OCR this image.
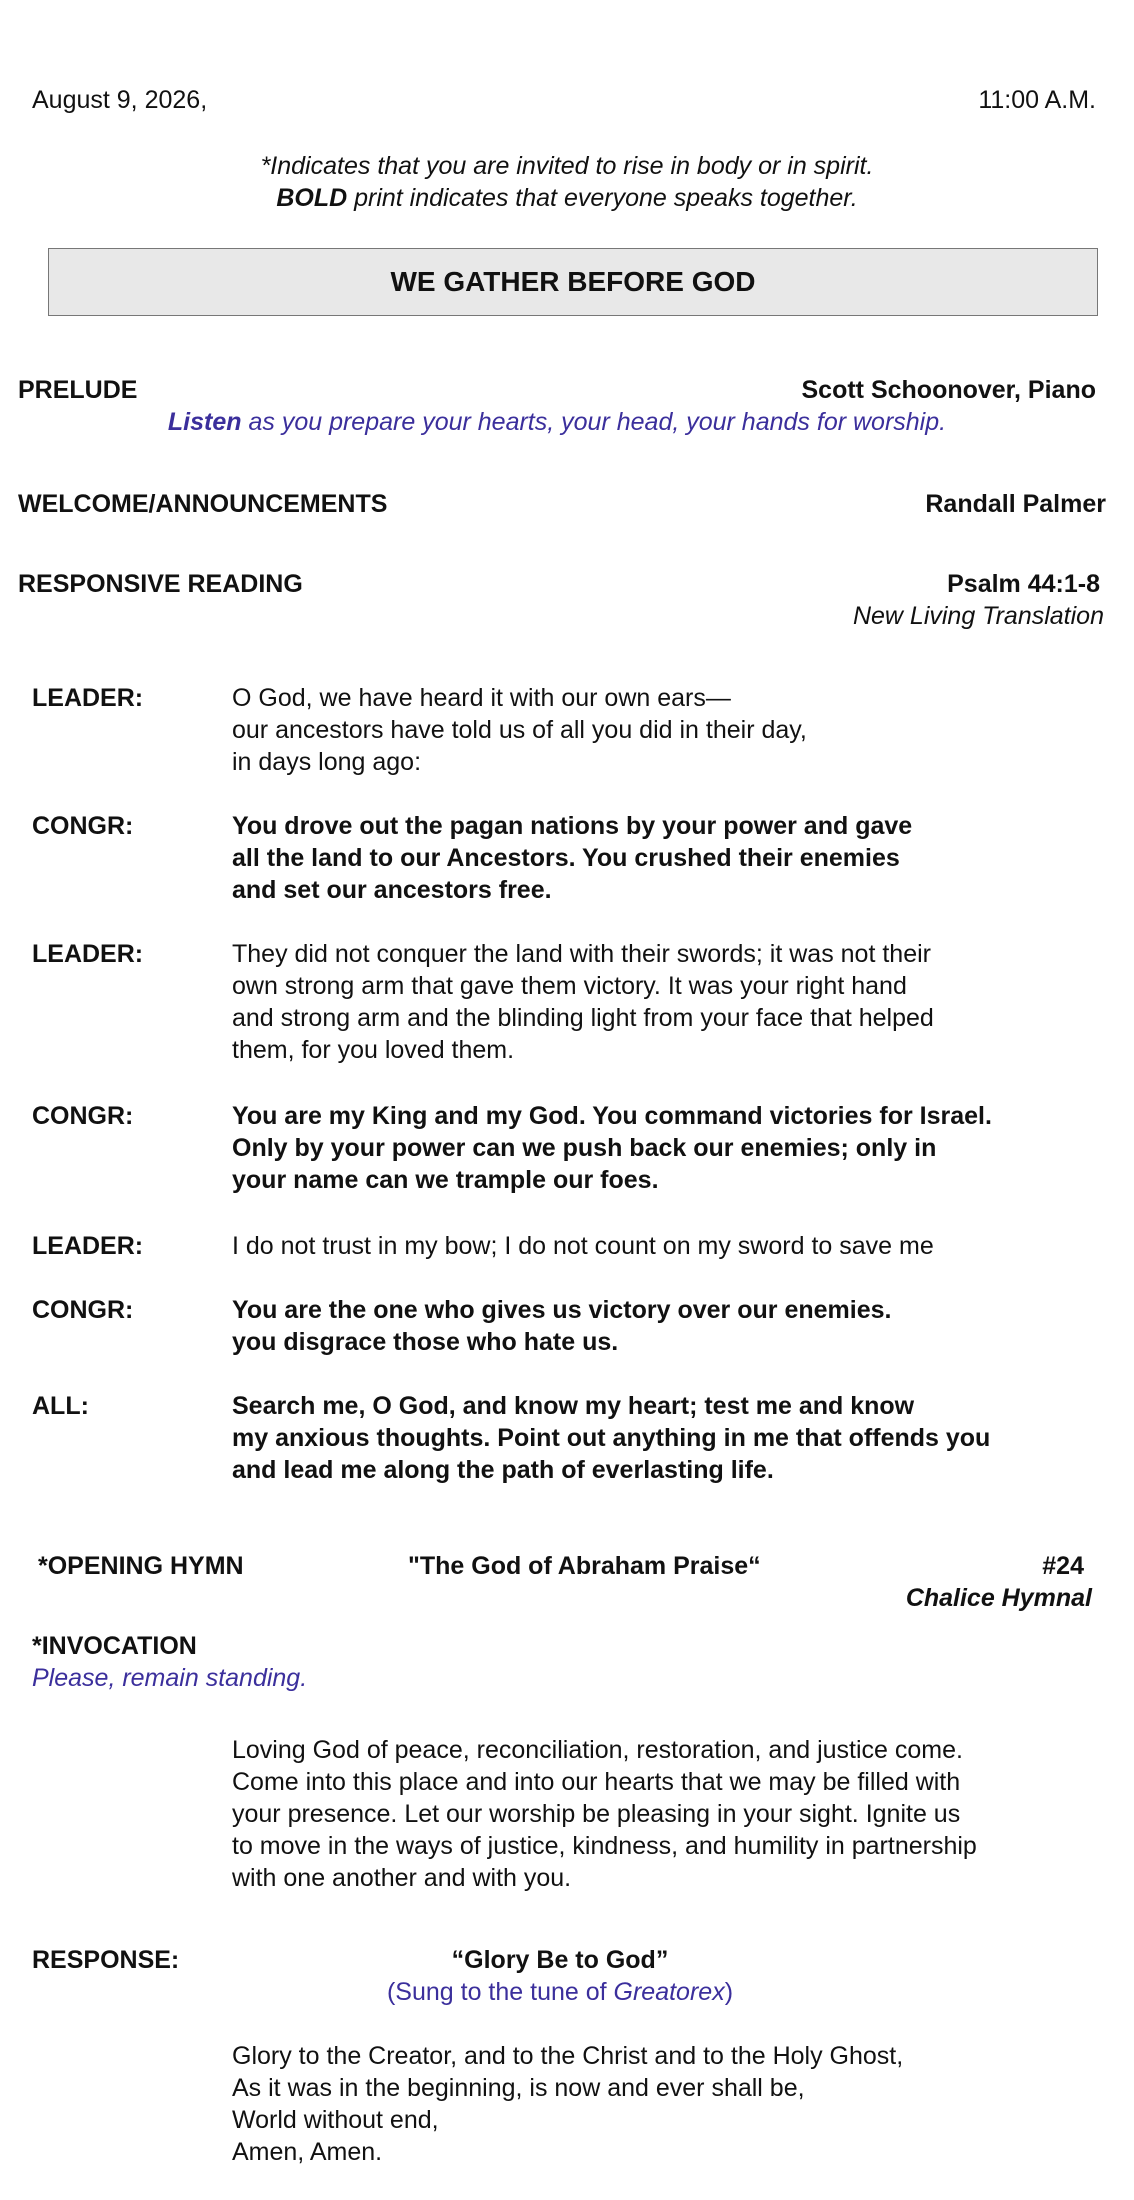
August 9, 2026,	11:00 A.M.
*Indicates that you are invited to rise in body or in spirit.
BOLD print indicates that everyone speaks together.
WE GATHER BEFORE GOD
PRELUDE	Scott Schoonover, Piano
Listen as you prepare your hearts, your head, your hands for worship.
WELCOME/ANNOUNCEMENTS	Randall Palmer
RESPONSIVE READING	Psalm 44:1-8
New Living Translation
LEADER:	O God, we have heard it with our own ears—
our ancestors have told us of all you did in their day,
in days long ago:
CONGR:	You drove out the pagan nations by your power and gave
all the land to our Ancestors. You crushed their enemies
and set our ancestors free.
LEADER:	They did not conquer the land with their swords; it was not their
own strong arm that gave them victory. It was your right hand
and strong arm and the blinding light from your face that helped
them, for you loved them.
CONGR:	You are my King and my God. You command victories for Israel.
Only by your power can we push back our enemies; only in
your name can we trample our foes.
LEADER:	I do not trust in my bow; I do not count on my sword to save me
CONGR:	You are the one who gives us victory over our enemies.
you disgrace those who hate us.
ALL:	Search me, O God, and know my heart; test me and know
my anxious thoughts. Point out anything in me that offends you
and lead me along the path of everlasting life.
*OPENING HYMN	"The God of Abraham Praise“	#24
Chalice Hymnal
*INVOCATION
Please, remain standing.
Loving God of peace, reconciliation, restoration, and justice come.
Come into this place and into our hearts that we may be filled with
your presence. Let our worship be pleasing in your sight. Ignite us
to move in the ways of justice, kindness, and humility in partnership
with one another and with you.
RESPONSE:	“Glory Be to God”
(Sung to the tune of Greatorex)
Glory to the Creator, and to the Christ and to the Holy Ghost,
As it was in the beginning, is now and ever shall be,
World without end,
Amen, Amen.
